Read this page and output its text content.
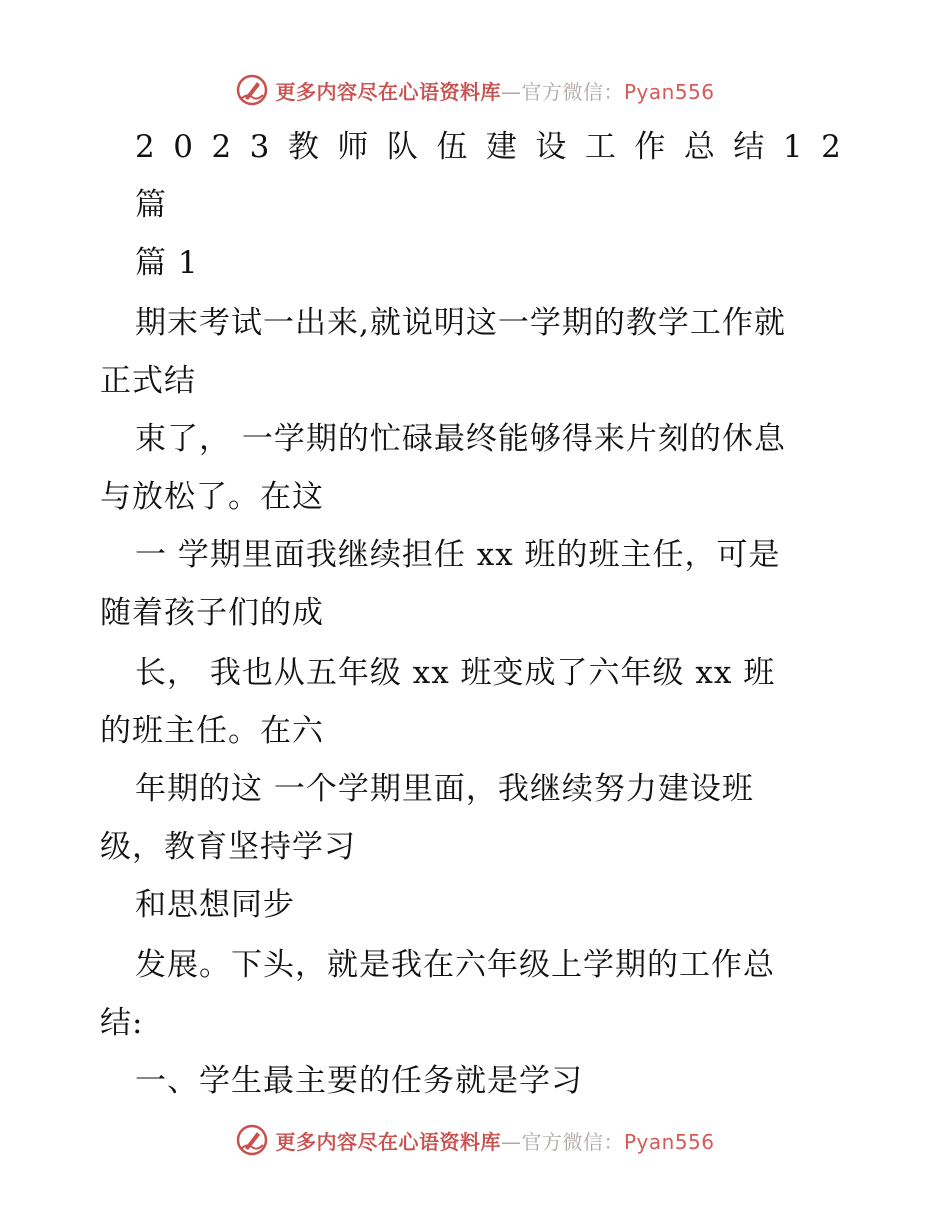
更多内容尽在心语资料库—官方微信：Pyan556
2023教师队伍建设工作总结12
篇
篇 1
期末考试一出来,就说明这一学期的教学工作就
正式结
束了， 一学期的忙碌最终能够得来片刻的休息
与放松了。在这
一 学期里面我继续担任 xx 班的班主任，可是
随着孩子们的成
长， 我也从五年级 xx 班变成了六年级 xx 班
的班主任。在六
年期的这 一个学期里面，我继续努力建设班
级，教育坚持学习
和思想同步
发展。下头，就是我在六年级上学期的工作总
结:
一、学生最主要的任务就是学习
更多内容尽在心语资料库—官方微信：Pyan556
